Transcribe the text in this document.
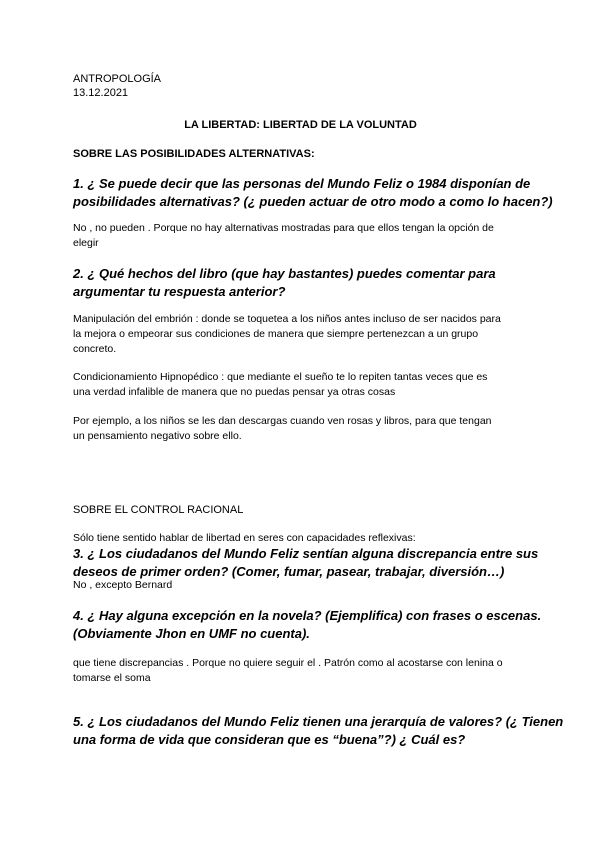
ANTROPOLOGÍA
13.12.2021

LA LIBERTAD: LIBERTAD DE LA VOLUNTAD

SOBRE LAS POSIBILIDADES ALTERNATIVAS:

1. ¿ Se puede decir que las personas del Mundo Feliz o 1984 disponían de
posibilidades alternativas? (¿ pueden actuar de otro modo a como lo hacen?)

No , no pueden . Porque no hay alternativas mostradas para que ellos tengan la opción de
elegir

2. ¿ Qué hechos del libro (que hay bastantes) puedes comentar para
argumentar tu respuesta anterior?

Manipulación del embrión : donde se toquetea a los niños antes incluso de ser nacidos para
la mejora o empeorar sus condiciones de manera que siempre pertenezcan a un grupo
concreto.

Condicionamiento Hipnopédico : que mediante el sueño te lo repiten tantas veces que es
una verdad infalible de manera que no puedas pensar ya otras cosas

Por ejemplo, a los niños se les dan descargas cuando ven rosas y libros, para que tengan
un pensamiento negativo sobre ello.

SOBRE EL CONTROL RACIONAL

Sólo tiene sentido hablar de libertad en seres con capacidades reflexivas:

3. ¿ Los ciudadanos del Mundo Feliz sentían alguna discrepancia entre sus
deseos de primer orden? (Comer, fumar, pasear, trabajar, diversión…)

No , excepto Bernard

4. ¿ Hay alguna excepción en la novela? (Ejemplifica) con frases o escenas.
(Obviamente Jhon en UMF no cuenta).

que tiene discrepancias . Porque no quiere seguir el . Patrón como al acostarse con lenina o
tomarse el soma

5. ¿ Los ciudadanos del Mundo Feliz tienen una jerarquía de valores? (¿ Tienen
una forma de vida que consideran que es “buena”?) ¿ Cuál es?
